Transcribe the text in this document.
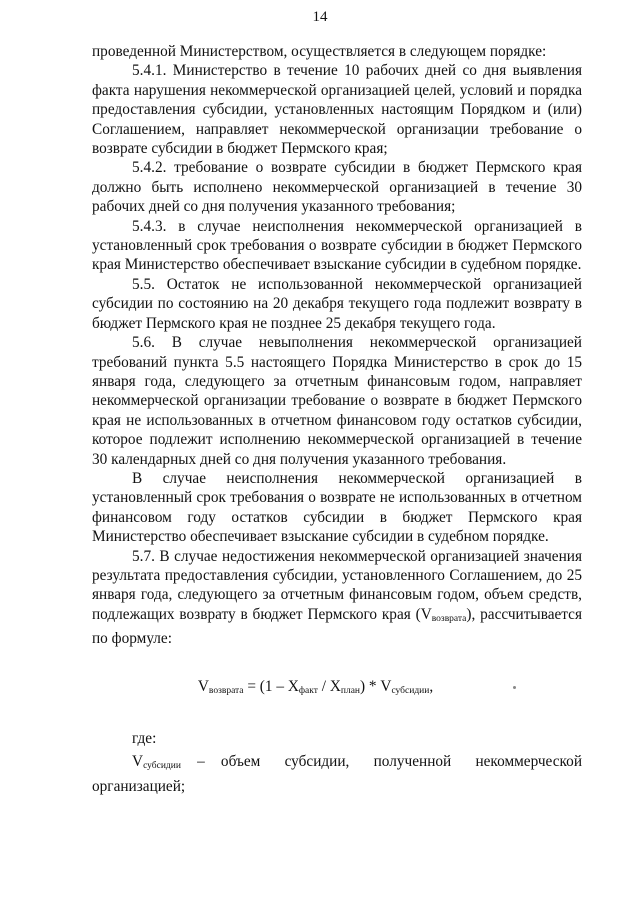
14

проведенной Министерством, осуществляется в следующем порядке:

5.4.1. Министерство в течение 10 рабочих дней со дня выявления факта нарушения некоммерческой организацией целей, условий и порядка предоставления субсидии, установленных настоящим Порядком и (или) Соглашением, направляет некоммерческой организации требование о возврате субсидии в бюджет Пермского края;

5.4.2. требование о возврате субсидии в бюджет Пермского края должно быть исполнено некоммерческой организацией в течение 30 рабочих дней со дня получения указанного требования;

5.4.3. в случае неисполнения некоммерческой организацией в установленный срок требования о возврате субсидии в бюджет Пермского края Министерство обеспечивает взыскание субсидии в судебном порядке.

5.5. Остаток не использованной некоммерческой организацией субсидии по состоянию на 20 декабря текущего года подлежит возврату в бюджет Пермского края не позднее 25 декабря текущего года.

5.6. В случае невыполнения некоммерческой организацией требований пункта 5.5 настоящего Порядка Министерство в срок до 15 января года, следующего за отчетным финансовым годом, направляет некоммерческой организации требование о возврате в бюджет Пермского края не использованных в отчетном финансовом году остатков субсидии, которое подлежит исполнению некоммерческой организацией в течение 30 календарных дней со дня получения указанного требования.

В случае неисполнения некоммерческой организацией в установленный срок требования о возврате не использованных в отчетном финансовом году остатков субсидии в бюджет Пермского края Министерство обеспечивает взыскание субсидии в судебном порядке.

5.7. В случае недостижения некоммерческой организацией значения результата предоставления субсидии, установленного Соглашением, до 25 января года, следующего за отчетным финансовым годом, объем средств, подлежащих возврату в бюджет Пермского края (Vвозврата), рассчитывается по формуле:

$V_{возврата} = (1 - X_{факт} / X_{план}) * V_{субсидии}$,

где:

$V_{субсидии}$ – объем субсидии, полученной некоммерческой организацией;
